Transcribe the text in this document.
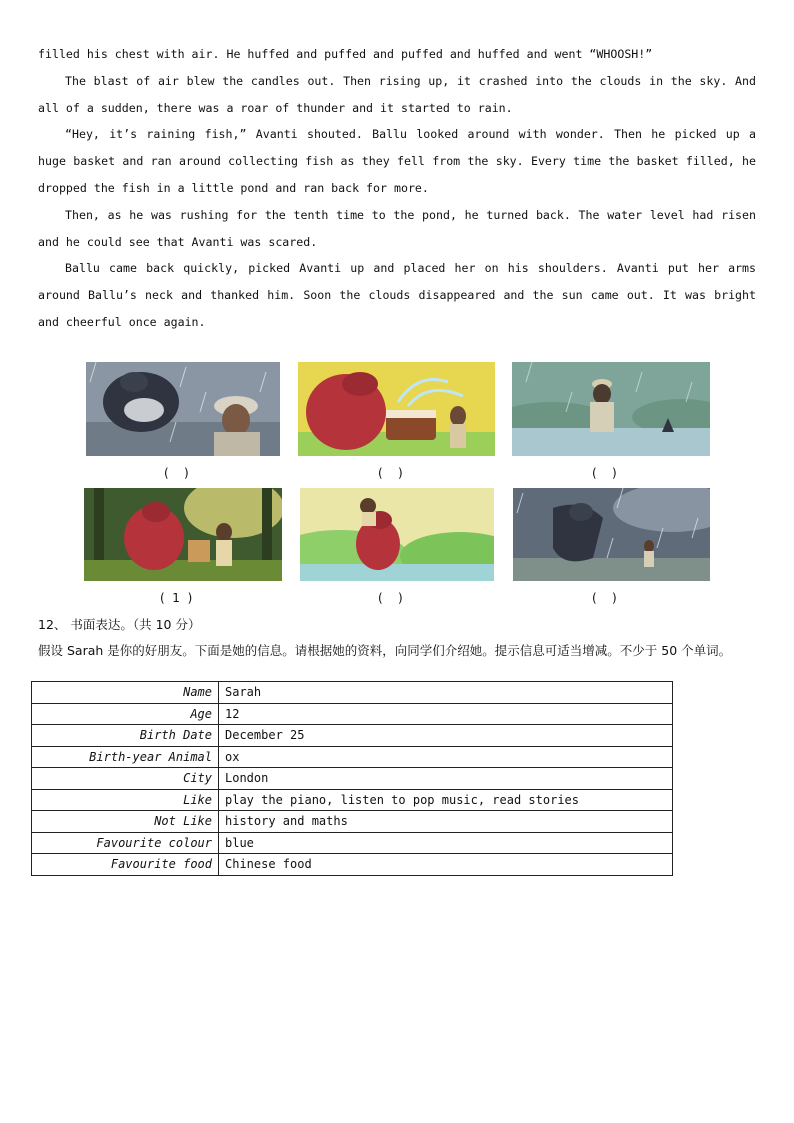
filled his chest with air. He huffed and puffed and puffed and huffed and went “WHOOSH!”

The blast of air blew the candles out. Then rising up, it crashed into the clouds in the sky. And all of a sudden, there was a roar of thunder and it started to rain.

“Hey, it’s raining fish,” Avanti shouted. Ballu looked around with wonder. Then he picked up a huge basket and ran around collecting fish as they fell from the sky. Every time the basket filled, he dropped the fish in a little pond and ran back for more.

Then, as he was rushing for the tenth time to the pond, he turned back. The water level had risen and he could see that Avanti was scared.

Ballu came back quickly, picked Avanti up and placed her on his shoulders. Avanti put her arms around Ballu’s neck and thanked him. Soon the clouds disappeared and the sun came out. It was bright and cheerful once again.

(    )	(    )	(    )
(  1  )	(    )	(    )
12、 书面表达。（共 10 分）
假设 Sarah 是你的好朋友。下面是她的信息。请根据她的资料，向同学们介绍她。提示信息可适当增减。不少于 50 个单词。
Name	Sarah
Age	12
Birth Date	December 25
Birth-year Animal	ox
City	London
Like	play the piano, listen to pop music, read stories
Not Like	history and maths
Favourite colour	blue
Favourite food	Chinese food
